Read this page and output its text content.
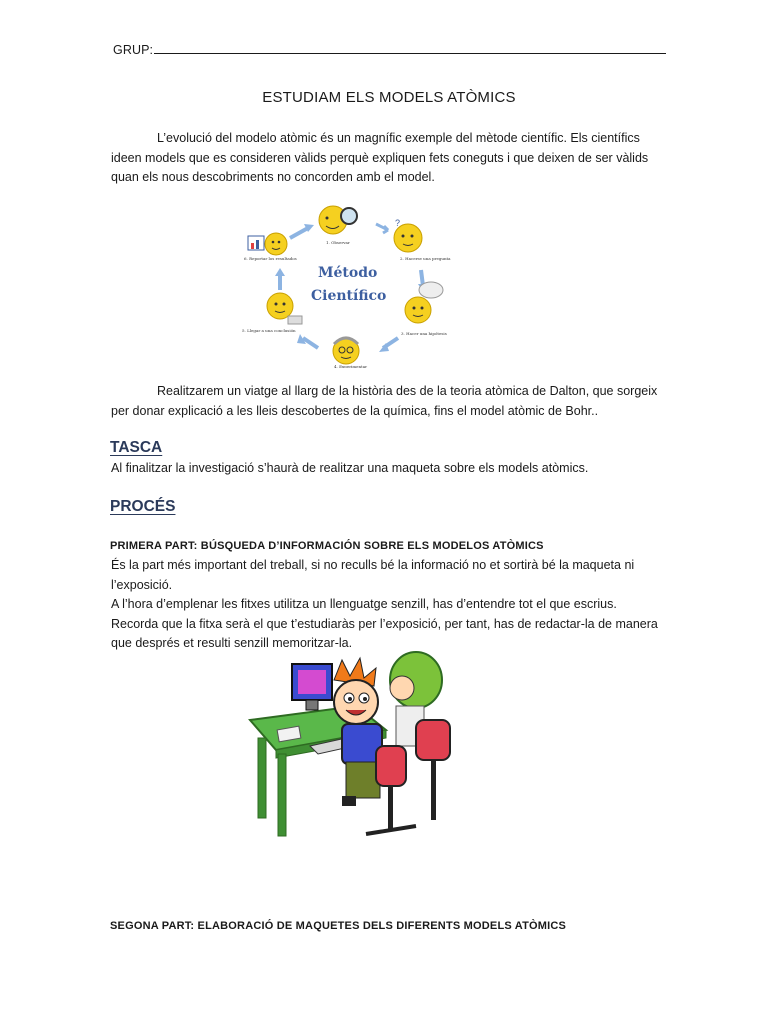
GRUP:
ESTUDIAM ELS MODELS ATÒMICS

L’evolució del modelo atòmic és un magnífic exemple del mètode científic. Els científics ideen models que es consideren vàlids perquè expliquen fets coneguts i que deixen de ser vàlids quan els nous descobriments no concorden amb el model.

?
1. Observar
2. Hacerse una pregunta
3. Hacer una hipótesis
4. Experimentar
5. Llegar a una conclusión
6. Reportar los resultados
Método
Científico

Realitzarem un viatge al llarg de la història des de la teoria atòmica de Dalton, que sorgeix per donar explicació a les lleis descobertes de la química, fins el model atòmic de Bohr..

TASCA
Al finalitzar la investigació s’haurà de realitzar una maqueta sobre els models atòmics.
PROCÉS
PRIMERA PART: BÚSQUEDA D’INFORMACIÓN SOBRE ELS MODELOS ATÒMICS

És la part més important del treball, si no reculls bé la informació no et sortirà bé la maqueta ni l’exposició.

A l’hora d’emplenar les fitxes utilitza un llenguatge senzill, has d’entendre tot el que escrius.

Recorda que la fitxa serà el que t’estudiaràs per l’exposició, per tant, has de redactar-la de manera que després et resulti senzill memoritzar-la.

SEGONA PART: ELABORACIÓ DE MAQUETES DELS DIFERENTS MODELS ATÒMICS
